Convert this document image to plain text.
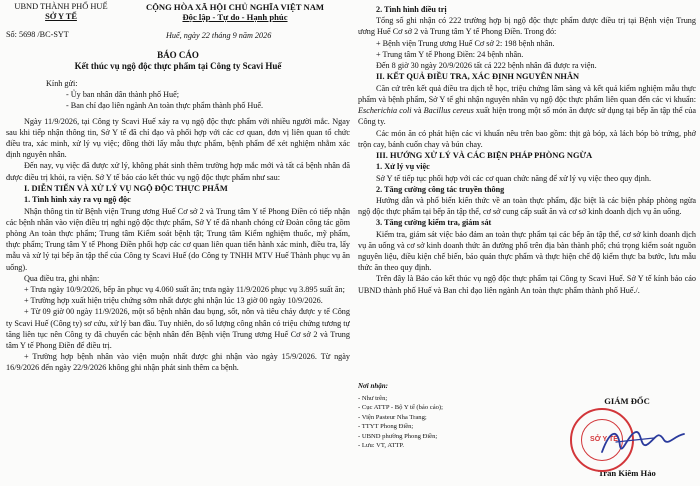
UBND THÀNH PHỐ HUẾ
SỞ Y TẾ
CỘNG HÒA XÃ HỘI CHỦ NGHĨA VIỆT NAM
Độc lập - Tự do - Hạnh phúc
Số: 5698 /BC-SYT	Huế, ngày 22 tháng 9 năm 2026
BÁO CÁO
Kết thúc vụ ngộ độc thực phẩm tại Công ty Scavi Huế
Kính gửi:
- Ủy ban nhân dân thành phố Huế;
- Ban chỉ đạo liên ngành An toàn thực phẩm thành phố Huế.
Ngày 11/9/2026, tại Công ty Scavi Huế xảy ra vụ ngộ độc thực phẩm với nhiều người mắc. Ngay sau khi tiếp nhận thông tin, Sở Y tế đã chỉ đạo và phối hợp với các cơ quan, đơn vị liên quan tổ chức điều tra, xác minh, xử lý vụ việc; đồng thời lấy mẫu thực phẩm, bệnh phẩm để xét nghiệm nhằm xác định nguyên nhân.
Đến nay, vụ việc đã được xử lý, không phát sinh thêm trường hợp mắc mới và tất cả bệnh nhân đã được điều trị khỏi, ra viện. Sở Y tế báo cáo kết thúc vụ ngộ độc thực phẩm như sau:
I. DIỄN TIẾN VÀ XỬ LÝ VỤ NGỘ ĐỘC THỰC PHẨM
1. Tình hình xảy ra vụ ngộ độc
Nhận thông tin từ Bệnh viện Trung ương Huế Cơ sở 2 và Trung tâm Y tế Phong Điền có tiếp nhận các bệnh nhân vào viện điều trị nghi ngộ độc thực phẩm, Sở Y tế đã nhanh chóng cử Đoàn công tác gồm phòng An toàn thực phẩm; Trung tâm Kiểm soát bệnh tật; Trung tâm Kiểm nghiệm thuốc, mỹ phẩm, thực phẩm; Trung tâm Y tế Phong Điền phối hợp các cơ quan liên quan tiến hành xác minh, điều tra, lấy mẫu và xử lý tại bếp ăn tập thể của Công ty Scavi Huế (do Công ty TNHH MTV Huế Thành phục vụ ăn uống).
Qua điều tra, ghi nhận:
+ Trưa ngày 10/9/2026, bếp ăn phục vụ 4.060 suất ăn; trưa ngày 11/9/2026 phục vụ 3.895 suất ăn;
+ Trường hợp xuất hiện triệu chứng sớm nhất được ghi nhận lúc 13 giờ 00 ngày 10/9/2026.
+ Từ 09 giờ 00 ngày 11/9/2026, một số bệnh nhân đau bụng, sốt, nôn và tiêu chảy được y tế Công ty Scavi Huế (Công ty) sơ cứu, xử lý ban đầu. Tuy nhiên, do số lượng công nhân có triệu chứng tương tự tăng liên tục nên Công ty đã chuyển các bệnh nhân đến Bệnh viện Trung ương Huế Cơ sở 2 và Trung tâm Y tế Phong Điền để điều trị.
+ Trường hợp bệnh nhân vào viện muộn nhất được ghi nhận vào ngày 15/9/2026. Từ ngày 16/9/2026 đến ngày 22/9/2026 không ghi nhận phát sinh thêm ca bệnh.
2. Tình hình điều trị
Tổng số ghi nhận có 222 trường hợp bị ngộ độc thực phẩm được điều trị tại Bệnh viện Trung ương Huế Cơ sở 2 và Trung tâm Y tế Phong Điền. Trong đó:
+ Bệnh viện Trung ương Huế Cơ sở 2: 198 bệnh nhân.
+ Trung tâm Y tế Phong Điền: 24 bệnh nhân.
Đến 8 giờ 30 ngày 20/9/2026 tất cả 222 bệnh nhân đã được ra viện.
II. KẾT QUẢ ĐIỀU TRA, XÁC ĐỊNH NGUYÊN NHÂN
Căn cứ trên kết quả điều tra dịch tễ học, triệu chứng lâm sàng và kết quả kiểm nghiệm mẫu thực phẩm và bệnh phẩm, Sở Y tế ghi nhận nguyên nhân vụ ngộ độc thực phẩm liên quan đến các vi khuẩn: Escherichia coli và Bacillus cereus xuất hiện trong một số món ăn được sử dụng tại bếp ăn tập thể của Công ty.
Các món ăn có phát hiện các vi khuẩn nêu trên bao gồm: thịt gà bóp, xà lách bóp bò trứng, phở trộn cay, bánh cuốn chay và bún chay.
III. HƯỚNG XỬ LÝ VÀ CÁC BIỆN PHÁP PHÒNG NGỪA
1. Xử lý vụ việc
Sở Y tế tiếp tục phối hợp với các cơ quan chức năng để xử lý vụ việc theo quy định.
2. Tăng cường công tác truyền thông
Hướng dẫn và phổ biến kiến thức về an toàn thực phẩm, đặc biệt là các biện pháp phòng ngừa ngộ độc thực phẩm tại bếp ăn tập thể, cơ sở cung cấp suất ăn và cơ sở kinh doanh dịch vụ ăn uống.
3. Tăng cường kiểm tra, giám sát
Kiểm tra, giám sát việc bảo đảm an toàn thực phẩm tại các bếp ăn tập thể, cơ sở kinh doanh dịch vụ ăn uống và cơ sở kinh doanh thức ăn đường phố trên địa bàn thành phố; chú trọng kiểm soát nguồn nguyên liệu, điều kiện chế biến, bảo quản thực phẩm và thực hiện chế độ kiểm thực ba bước, lưu mẫu thức ăn theo quy định.
Trên đây là Báo cáo kết thúc vụ ngộ độc thực phẩm tại Công ty Scavi Huế. Sở Y tế kính báo cáo UBND thành phố Huế và Ban chỉ đạo liên ngành An toàn thực phẩm thành phố Huế./.
Nơi nhận:
- Như trên;
- Cục ATTP - Bộ Y tế (báo cáo);
- Viện Pasteur Nha Trang;
- TTYT Phong Điền;
- UBND phường Phong Điền;
- Lưu: VT, ATTP.
GIÁM ĐỐC
SỞ Y TẾ
Trần Kiêm Hảo
